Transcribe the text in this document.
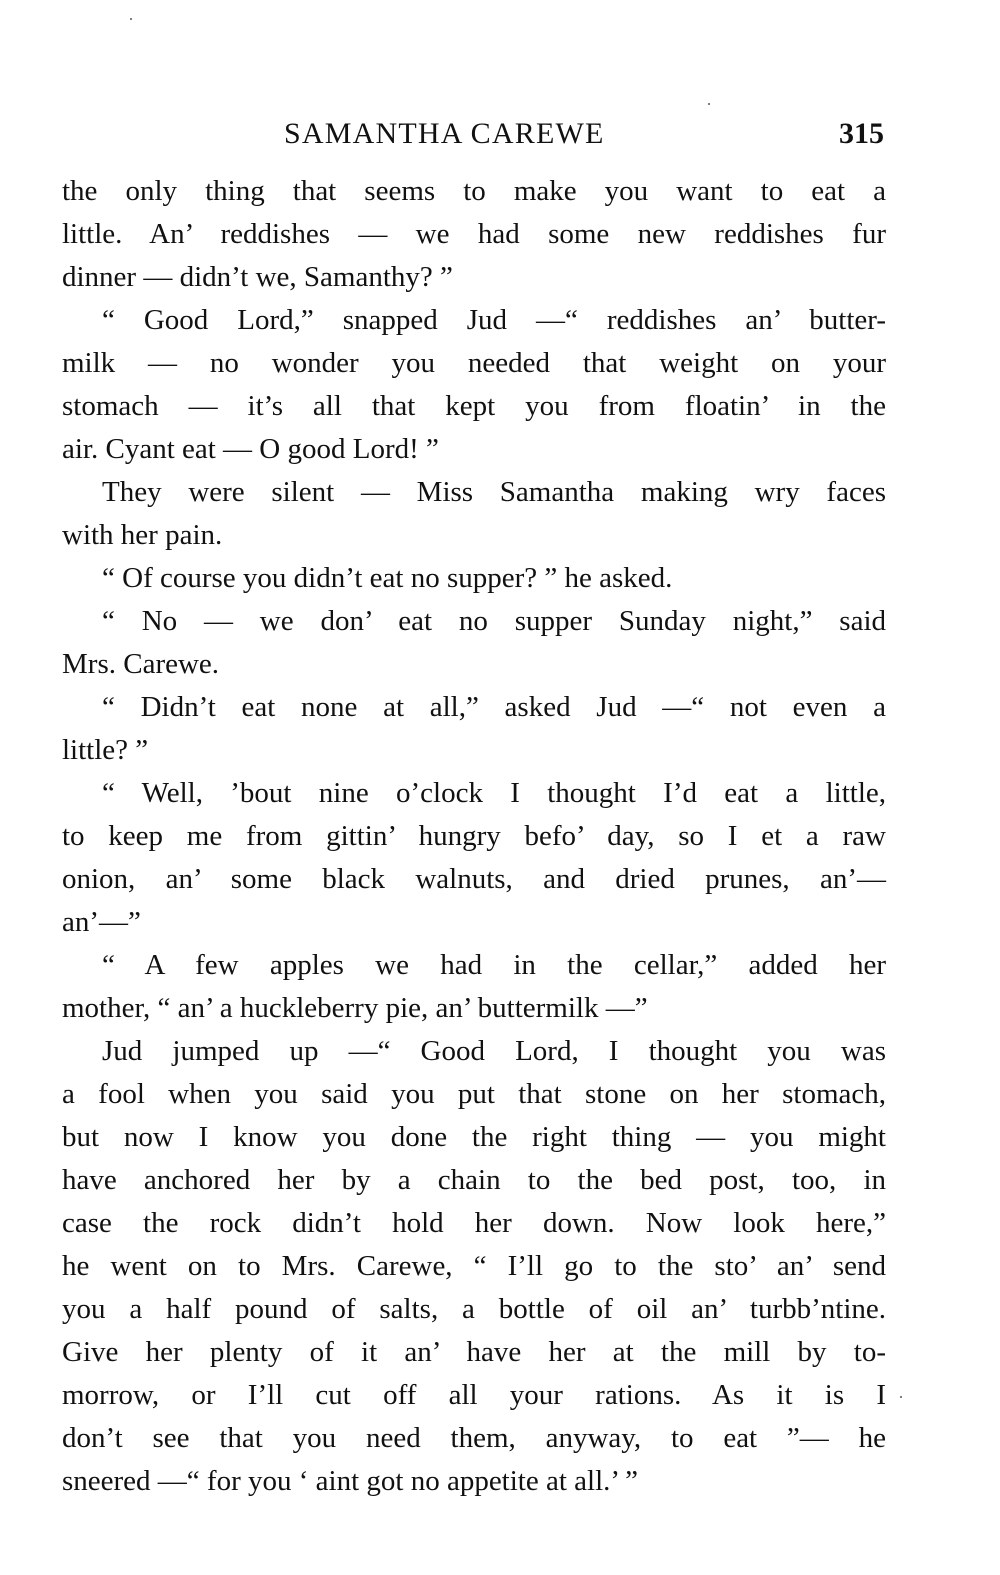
SAMANTHA CAREWE	315
the only thing that seems to make you want to eat a
little. An’ reddishes — we had some new reddishes fur
dinner — didn’t we, Samanthy? ”
“ Good Lord,” snapped Jud —“ reddishes an’ butter-
milk — no wonder you needed that weight on your
stomach — it’s all that kept you from floatin’ in the
air. Cyant eat — O good Lord! ”
They were silent — Miss Samantha making wry faces
with her pain.
“ Of course you didn’t eat no supper? ” he asked.
“ No — we don’ eat no supper Sunday night,” said
Mrs. Carewe.
“ Didn’t eat none at all,” asked Jud —“ not even a
little? ”
“ Well, ’bout nine o’clock I thought I’d eat a little,
to keep me from gittin’ hungry befo’ day, so I et a raw
onion, an’ some black walnuts, and dried prunes, an’—
an’—”
“ A few apples we had in the cellar,” added her
mother, “ an’ a huckleberry pie, an’ buttermilk —”
Jud jumped up —“ Good Lord, I thought you was
a fool when you said you put that stone on her stomach,
but now I know you done the right thing — you might
have anchored her by a chain to the bed post, too, in
case the rock didn’t hold her down. Now look here,”
he went on to Mrs. Carewe, “ I’ll go to the sto’ an’ send
you a half pound of salts, a bottle of oil an’ turbb’ntine.
Give her plenty of it an’ have her at the mill by to-
morrow, or I’ll cut off all your rations. As it is I
don’t see that you need them, anyway, to eat ”— he
sneered —“ for you ‘ aint got no appetite at all.’ ”
